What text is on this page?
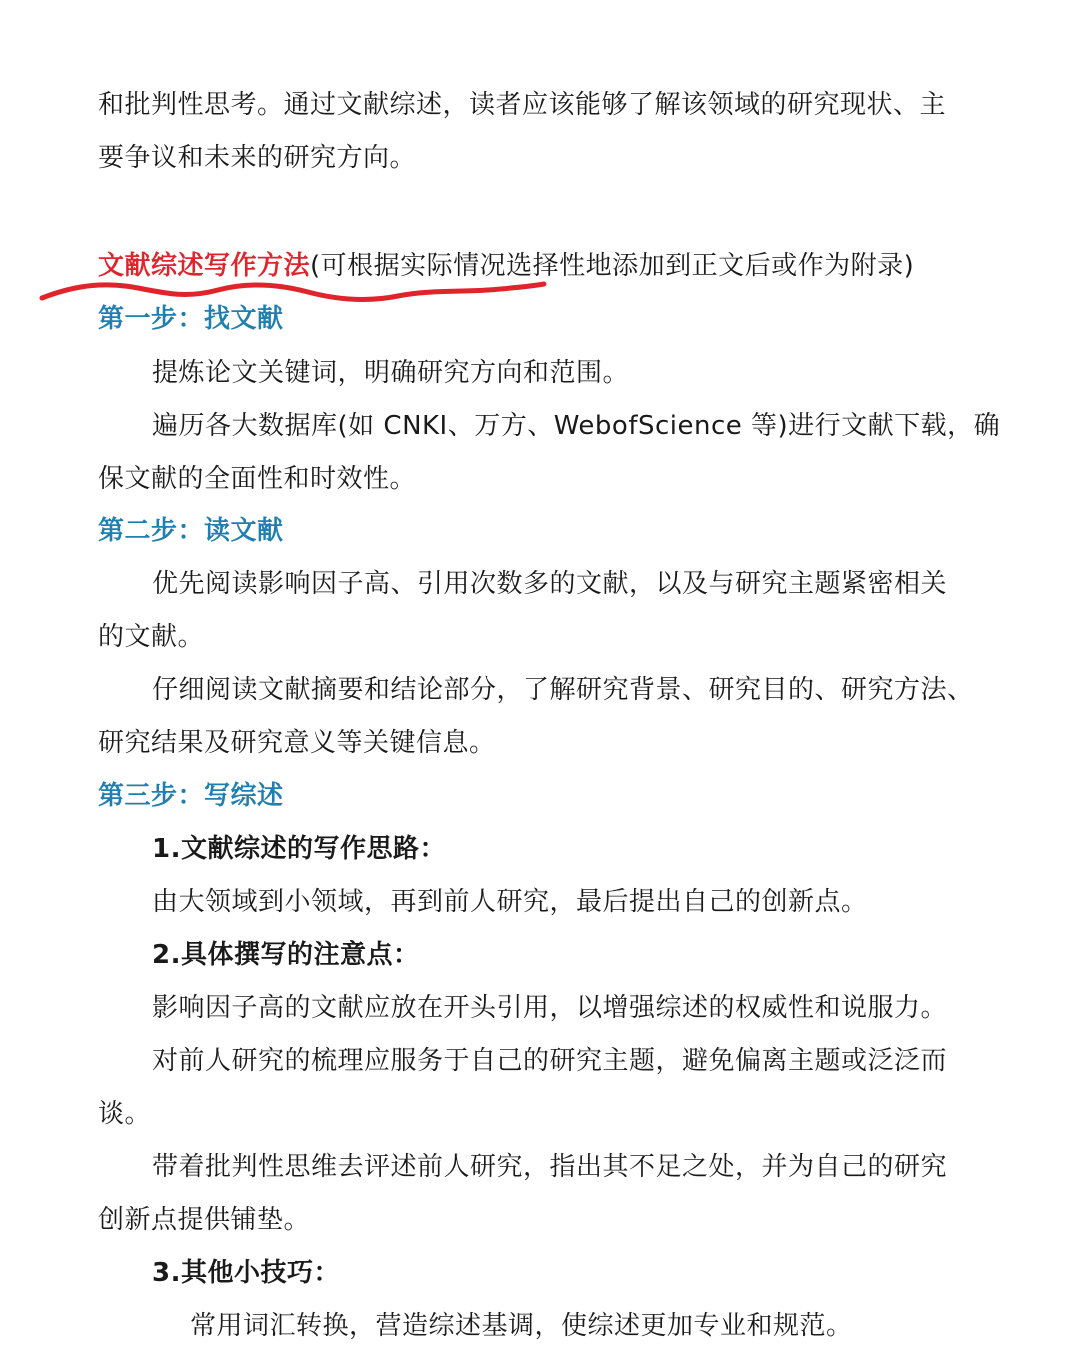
和批判性思考。通过文献综述，读者应该能够了解该领域的研究现状、主
要争议和未来的研究方向。
文献综述写作方法(可根据实际情况选择性地添加到正文后或作为附录)
第一步：找文献
提炼论文关键词，明确研究方向和范围。
遍历各大数据库(如 CNKI、万方、WebofScience 等)进行文献下载，确
保文献的全面性和时效性。
第二步：读文献
优先阅读影响因子高、引用次数多的文献，以及与研究主题紧密相关
的文献。
仔细阅读文献摘要和结论部分，了解研究背景、研究目的、研究方法、
研究结果及研究意义等关键信息。
第三步：写综述
1.文献综述的写作思路：
由大领域到小领域，再到前人研究，最后提出自己的创新点。
2.具体撰写的注意点：
影响因子高的文献应放在开头引用，以增强综述的权威性和说服力。
对前人研究的梳理应服务于自己的研究主题，避免偏离主题或泛泛而
谈。
带着批判性思维去评述前人研究，指出其不足之处，并为自己的研究
创新点提供铺垫。
3.其他小技巧：
常用词汇转换，营造综述基调，使综述更加专业和规范。
